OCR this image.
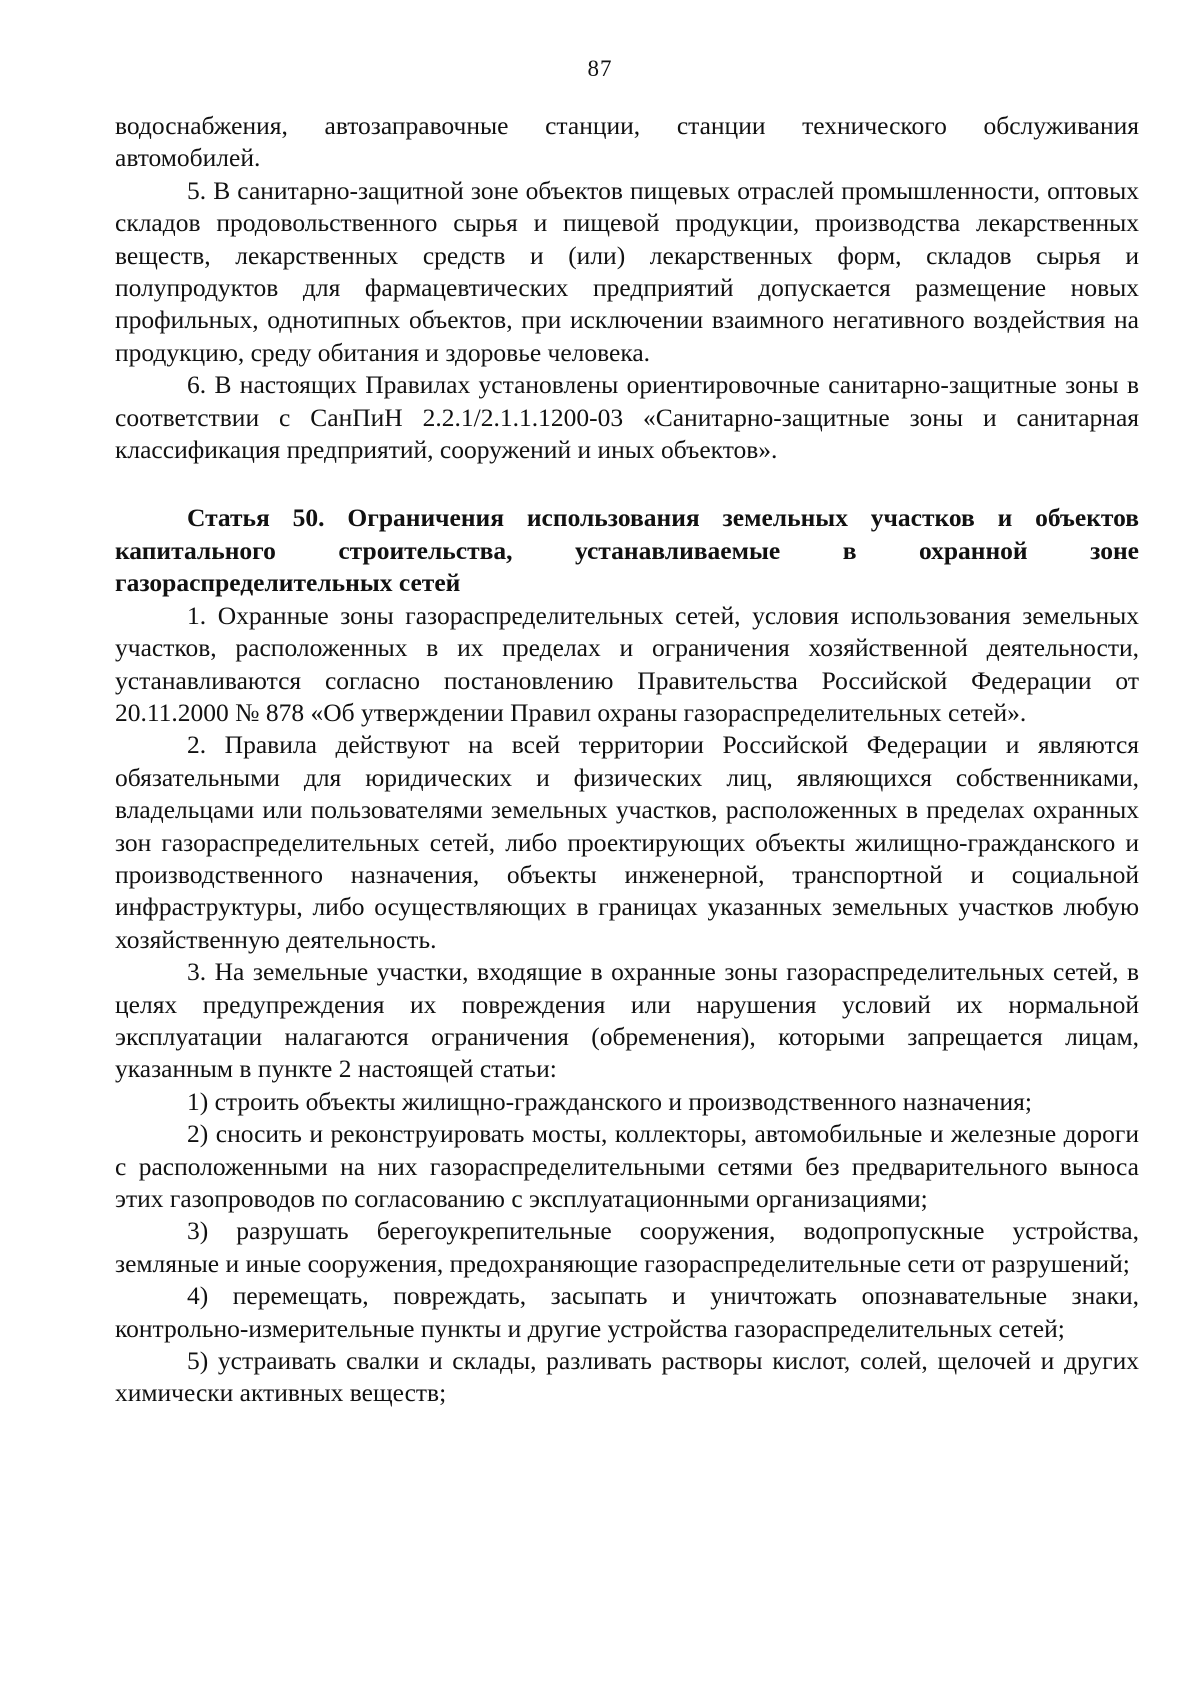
87

водоснабжения, автозаправочные станции, станции технического обслуживания автомобилей.

5. В санитарно-защитной зоне объектов пищевых отраслей промышленности, оптовых складов продовольственного сырья и пищевой продукции, производства лекарственных веществ, лекарственных средств и (или) лекарственных форм, складов сырья и полупродуктов для фармацевтических предприятий допускается размещение новых профильных, однотипных объектов, при исключении взаимного негативного воздействия на продукцию, среду обитания и здоровье человека.

6. В настоящих Правилах установлены ориентировочные санитарно-защитные зоны в соответствии с СанПиН 2.2.1/2.1.1.1200-03 «Санитарно-защитные зоны и санитарная классификация предприятий, сооружений и иных объектов».

Статья 50. Ограничения использования земельных участков и объектов капитального строительства, устанавливаемые в охранной зоне газораспределительных сетей

1. Охранные зоны газораспределительных сетей, условия использования земельных участков, расположенных в их пределах и ограничения хозяйственной деятельности, устанавливаются согласно постановлению Правительства Российской Федерации от 20.11.2000 № 878 «Об утверждении Правил охраны газораспределительных сетей».

2. Правила действуют на всей территории Российской Федерации и являются обязательными для юридических и физических лиц, являющихся собственниками, владельцами или пользователями земельных участков, расположенных в пределах охранных зон газораспределительных сетей, либо проектирующих объекты жилищно-гражданского и производственного назначения, объекты инженерной, транспортной и социальной инфраструктуры, либо осуществляющих в границах указанных земельных участков любую хозяйственную деятельность.

3. На земельные участки, входящие в охранные зоны газораспределительных сетей, в целях предупреждения их повреждения или нарушения условий их нормальной эксплуатации налагаются ограничения (обременения), которыми запрещается лицам, указанным в пункте 2 настоящей статьи:

1) строить объекты жилищно-гражданского и производственного назначения;

2) сносить и реконструировать мосты, коллекторы, автомобильные и железные дороги с расположенными на них газораспределительными сетями без предварительного выноса этих газопроводов по согласованию с эксплуатационными организациями;

3) разрушать берегоукрепительные сооружения, водопропускные устройства, земляные и иные сооружения, предохраняющие газораспределительные сети от разрушений;

4) перемещать, повреждать, засыпать и уничтожать опознавательные знаки, контрольно-измерительные пункты и другие устройства газораспределительных сетей;

5) устраивать свалки и склады, разливать растворы кислот, солей, щелочей и других химически активных веществ;
